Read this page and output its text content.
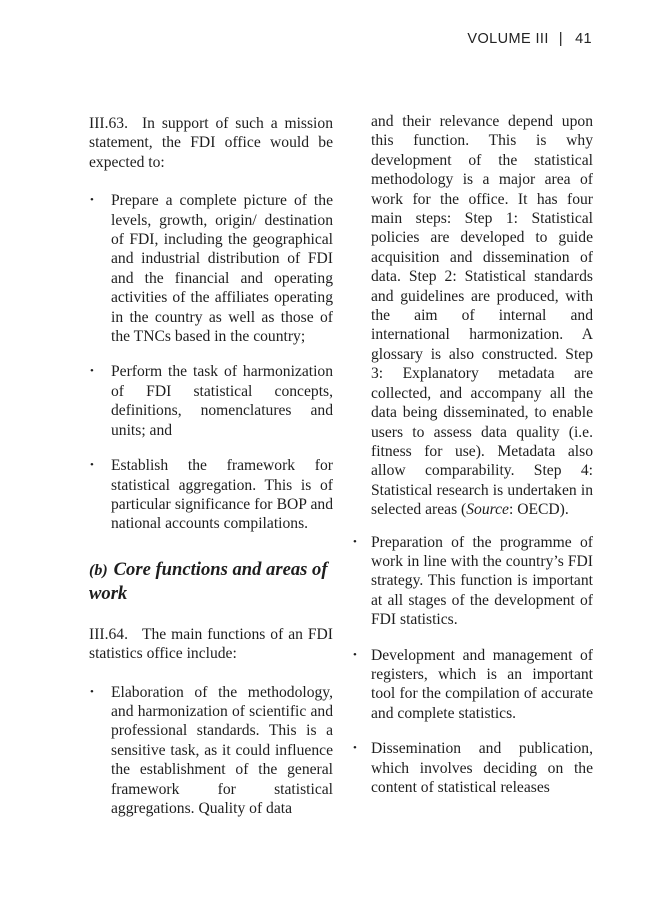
VOLUME III | 41

III.63. In support of such a mission statement, the FDI office would be expected to:

• Prepare a complete picture of the levels, growth, origin/ destination of FDI, including the geographical and industrial distribution of FDI and the financial and operating activities of the affiliates operating in the country as well as those of the TNCs based in the country;
• Perform the task of harmonization of FDI statistical concepts, definitions, nomenclatures and units; and
• Establish the framework for statistical aggregation. This is of particular significance for BOP and national accounts compilations.
(b) Core functions and areas of work

III.64. The main functions of an FDI statistics office include:

• Elaboration of the methodology, and harmonization of scientific and professional standards. This is a sensitive task, as it could influence the establishment of the general framework for statistical aggregations. Quality of data

and their relevance depend upon this function. This is why development of the statistical methodology is a major area of work for the office. It has four main steps: Step 1: Statistical policies are developed to guide acquisition and dissemination of data. Step 2: Statistical standards and guidelines are produced, with the aim of internal and international harmonization. A glossary is also constructed. Step 3: Explanatory metadata are collected, and accompany all the data being disseminated, to enable users to assess data quality (i.e. fitness for use). Metadata also allow comparability. Step 4: Statistical research is undertaken in selected areas (Source: OECD).

• Preparation of the programme of work in line with the country’s FDI strategy. This function is important at all stages of the development of FDI statistics.
• Development and management of registers, which is an important tool for the compilation of accurate and complete statistics.
• Dissemination and publication, which involves deciding on the content of statistical releases
